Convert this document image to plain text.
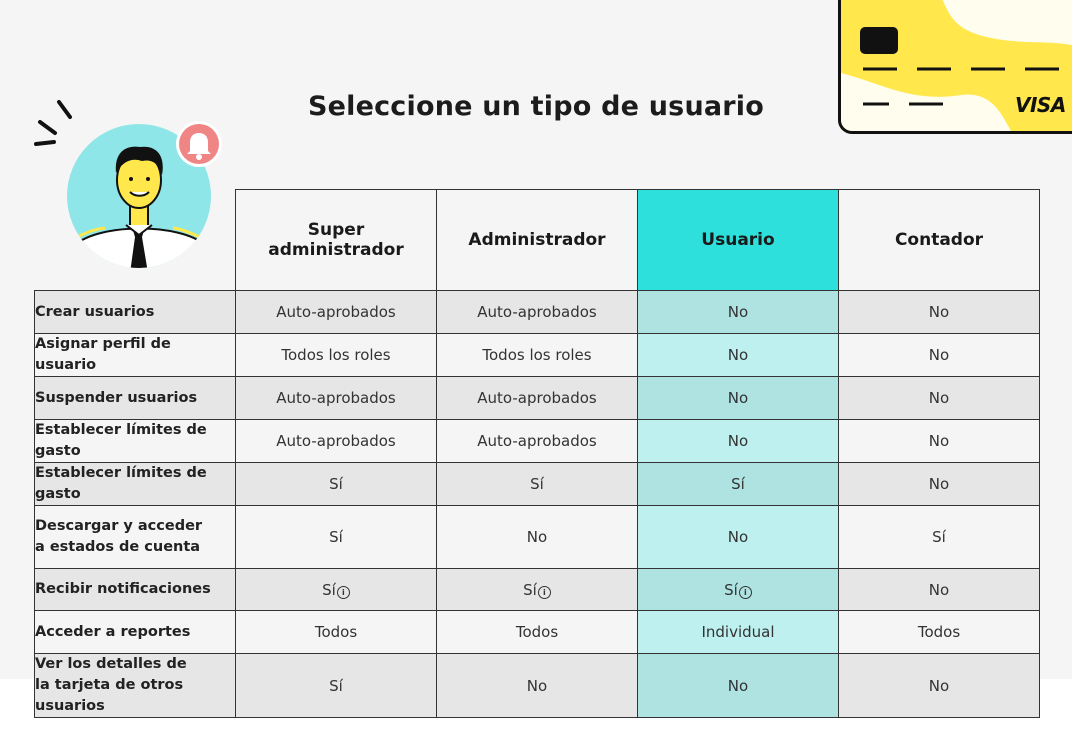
VISA
Seleccione un tipo de usuario

	Super administrador	Administrador	Usuario	Contador
Crear usuarios	Auto-aprobados	Auto-aprobados	No	No
Asignar perfil de usuario	Todos los roles	Todos los roles	No	No
Suspender usuarios	Auto-aprobados	Auto-aprobados	No	No
Establecer límites de gasto	Auto-aprobados	Auto-aprobados	No	No
Establecer límites de gasto	Sí	Sí	Sí	No

Descargar y acceder a estados de cuenta	Sí	No	No	Sí
Recibir notificaciones	Sí i	Sí i	Sí i	No
Acceder a reportes	Todos	Todos	Individual	Todos

Ver los detalles de la tarjeta de otros usuarios	Sí	No	No	No
